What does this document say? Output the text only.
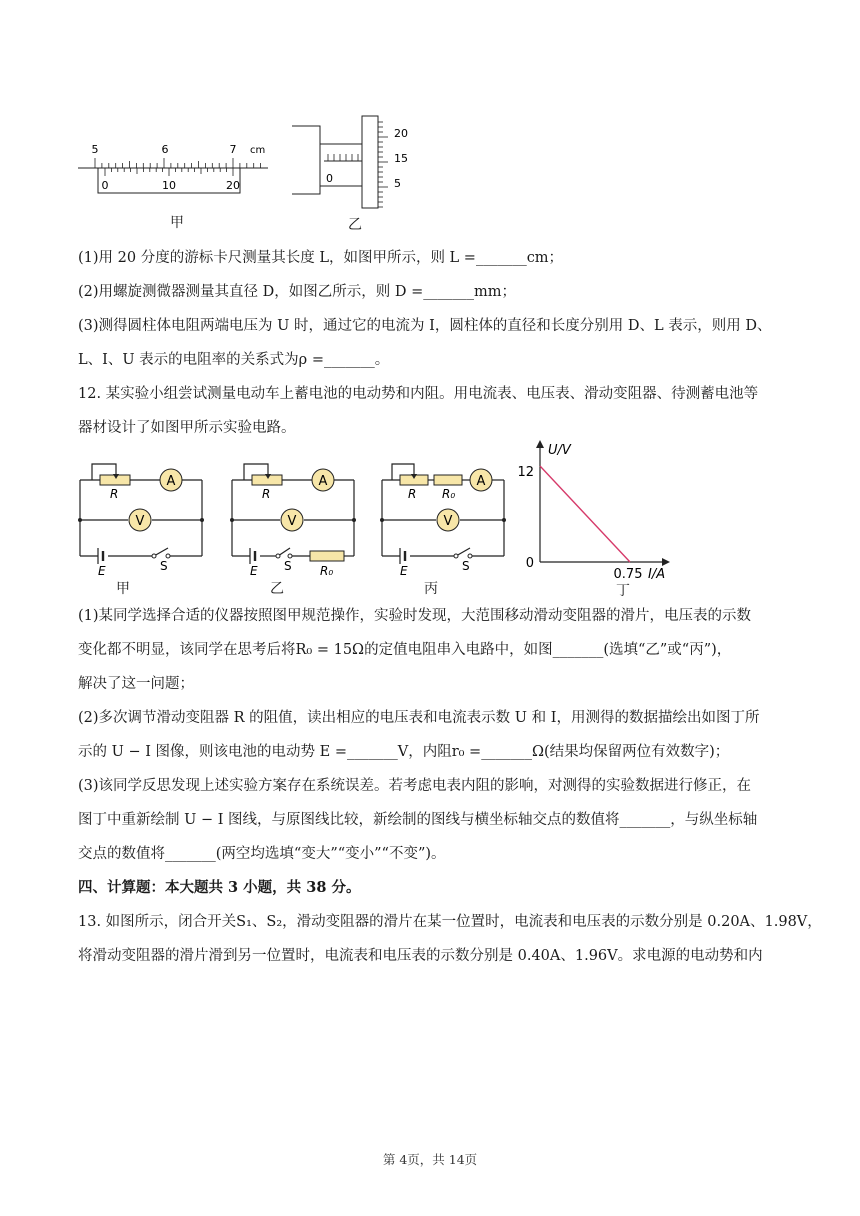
5	6	7 cm
0	10	20
甲
0
20
15
5
乙
(1)用 20 分度的游标卡尺测量其长度 L，如图甲所示，则 L =_______cm；
(2)用螺旋测微器测量其直径 D，如图乙所示，则 D =_______mm；
(3)测得圆柱体电阻两端电压为 U 时，通过它的电流为 I，圆柱体的直径和长度分别用 D、L 表示，则用 D、
L、I、U 表示的电阻率的关系式为ρ =_______。
12. 某实验小组尝试测量电动车上蓄电池的电动势和内阻。用电流表、电压表、滑动变阻器、待测蓄电池等
器材设计了如图甲所示实验电路。
R
A
V
E	S
甲
R
A
V
E S R₀
乙
R R₀
A
V
E	S
丙
U/V
I/A
12
0.75
0
丁
(1)某同学选择合适的仪器按照图甲规范操作，实验时发现，大范围移动滑动变阻器的滑片，电压表的示数
变化都不明显，该同学在思考后将R₀ = 15Ω的定值电阻串入电路中，如图_______(选填“乙”或“丙”)，
解决了这一问题；
(2)多次调节滑动变阻器 R 的阻值，读出相应的电压表和电流表示数 U 和 I，用测得的数据描绘出如图丁所
示的 U − I 图像，则该电池的电动势 E =_______V，内阻r₀ =_______Ω(结果均保留两位有效数字)；
(3)该同学反思发现上述实验方案存在系统误差。若考虑电表内阻的影响，对测得的实验数据进行修正，在
图丁中重新绘制 U − I 图线，与原图线比较，新绘制的图线与横坐标轴交点的数值将_______，与纵坐标轴
交点的数值将_______(两空均选填“变大”“变小”“不变”)。
四、计算题：本大题共 3 小题，共 38 分。
13. 如图所示，闭合开关S₁、S₂，滑动变阻器的滑片在某一位置时，电流表和电压表的示数分别是 0.20A、1.98V，
将滑动变阻器的滑片滑到另一位置时，电流表和电压表的示数分别是 0.40A、1.96V。求电源的电动势和内
第 4页，共 14页
